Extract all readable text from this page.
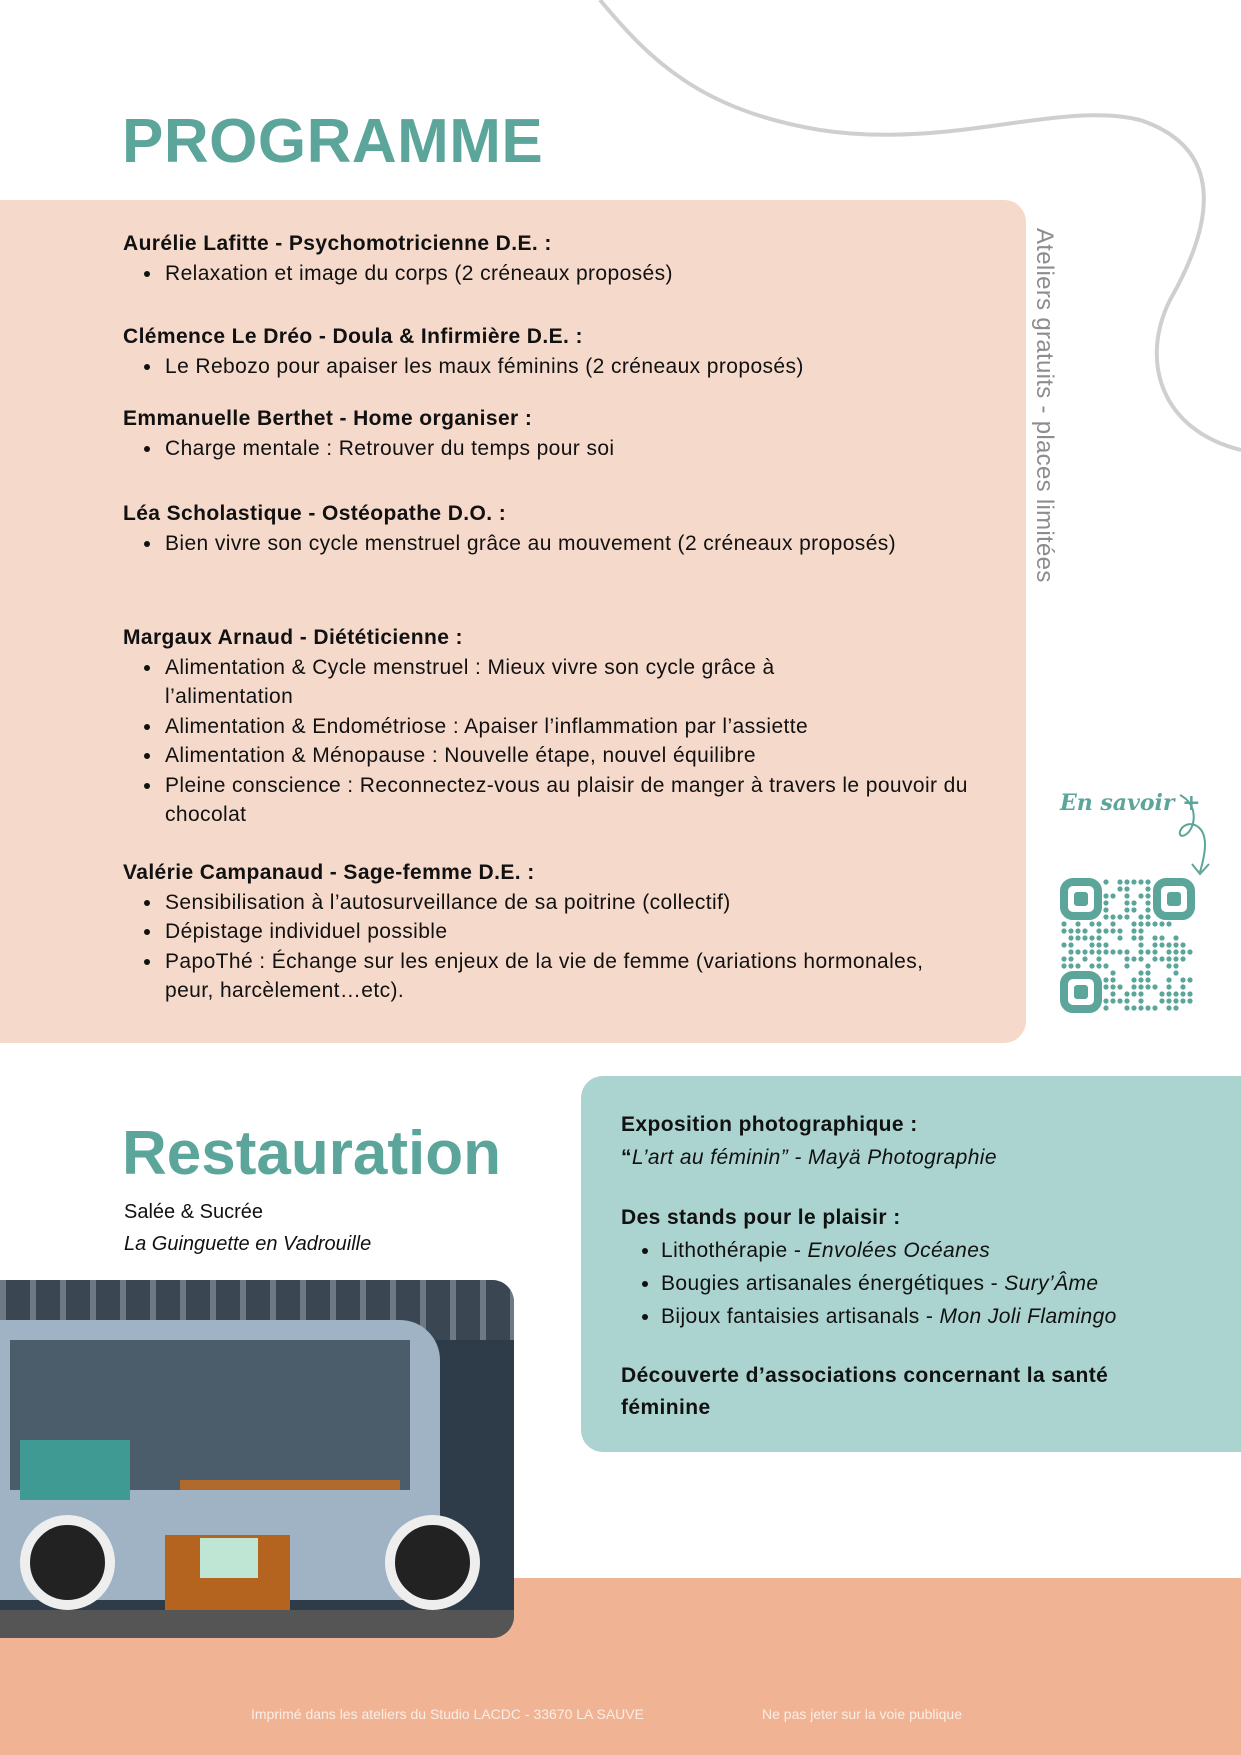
PROGRAMME
Aurélie Lafitte - Psychomotricienne D.E. :
• Relaxation et image du corps (2 créneaux proposés)
Clémence Le Dréo - Doula & Infirmière D.E. :
• Le Rebozo pour apaiser les maux féminins (2 créneaux proposés)
Emmanuelle Berthet - Home organiser :
• Charge mentale : Retrouver du temps pour soi
Léa Scholastique - Ostéopathe D.O. :
• Bien vivre son cycle menstruel grâce au mouvement (2 créneaux proposés)
Margaux Arnaud - Diététicienne :
• Alimentation & Cycle menstruel : Mieux vivre son cycle grâce à l’alimentation
• Alimentation & Endométriose : Apaiser l’inflammation par l’assiette
• Alimentation & Ménopause : Nouvelle étape, nouvel équilibre
• Pleine conscience : Reconnectez-vous au plaisir de manger à travers le pouvoir du chocolat
Valérie Campanaud - Sage-femme D.E. :
• Sensibilisation à l’autosurveillance de sa poitrine (collectif)
• Dépistage individuel possible
• PapoThé : Échange sur les enjeux de la vie de femme (variations hormonales, peur, harcèlement…etc).
Ateliers gratuits - places limitées
En savoir +
Restauration
Salée & Sucrée
La Guinguette en Vadrouille
Exposition photographique :
“L’art au féminin” - Mayä Photographie
Des stands pour le plaisir :
• Lithothérapie - Envolées Océanes
• Bougies artisanales énergétiques - Sury’Âme
• Bijoux fantaisies artisanals - Mon Joli Flamingo
Découverte d’associations concernant la santé féminine
Imprimé dans les ateliers du Studio LACDC - 33670 LA SAUVE	Ne pas jeter sur la voie publique
